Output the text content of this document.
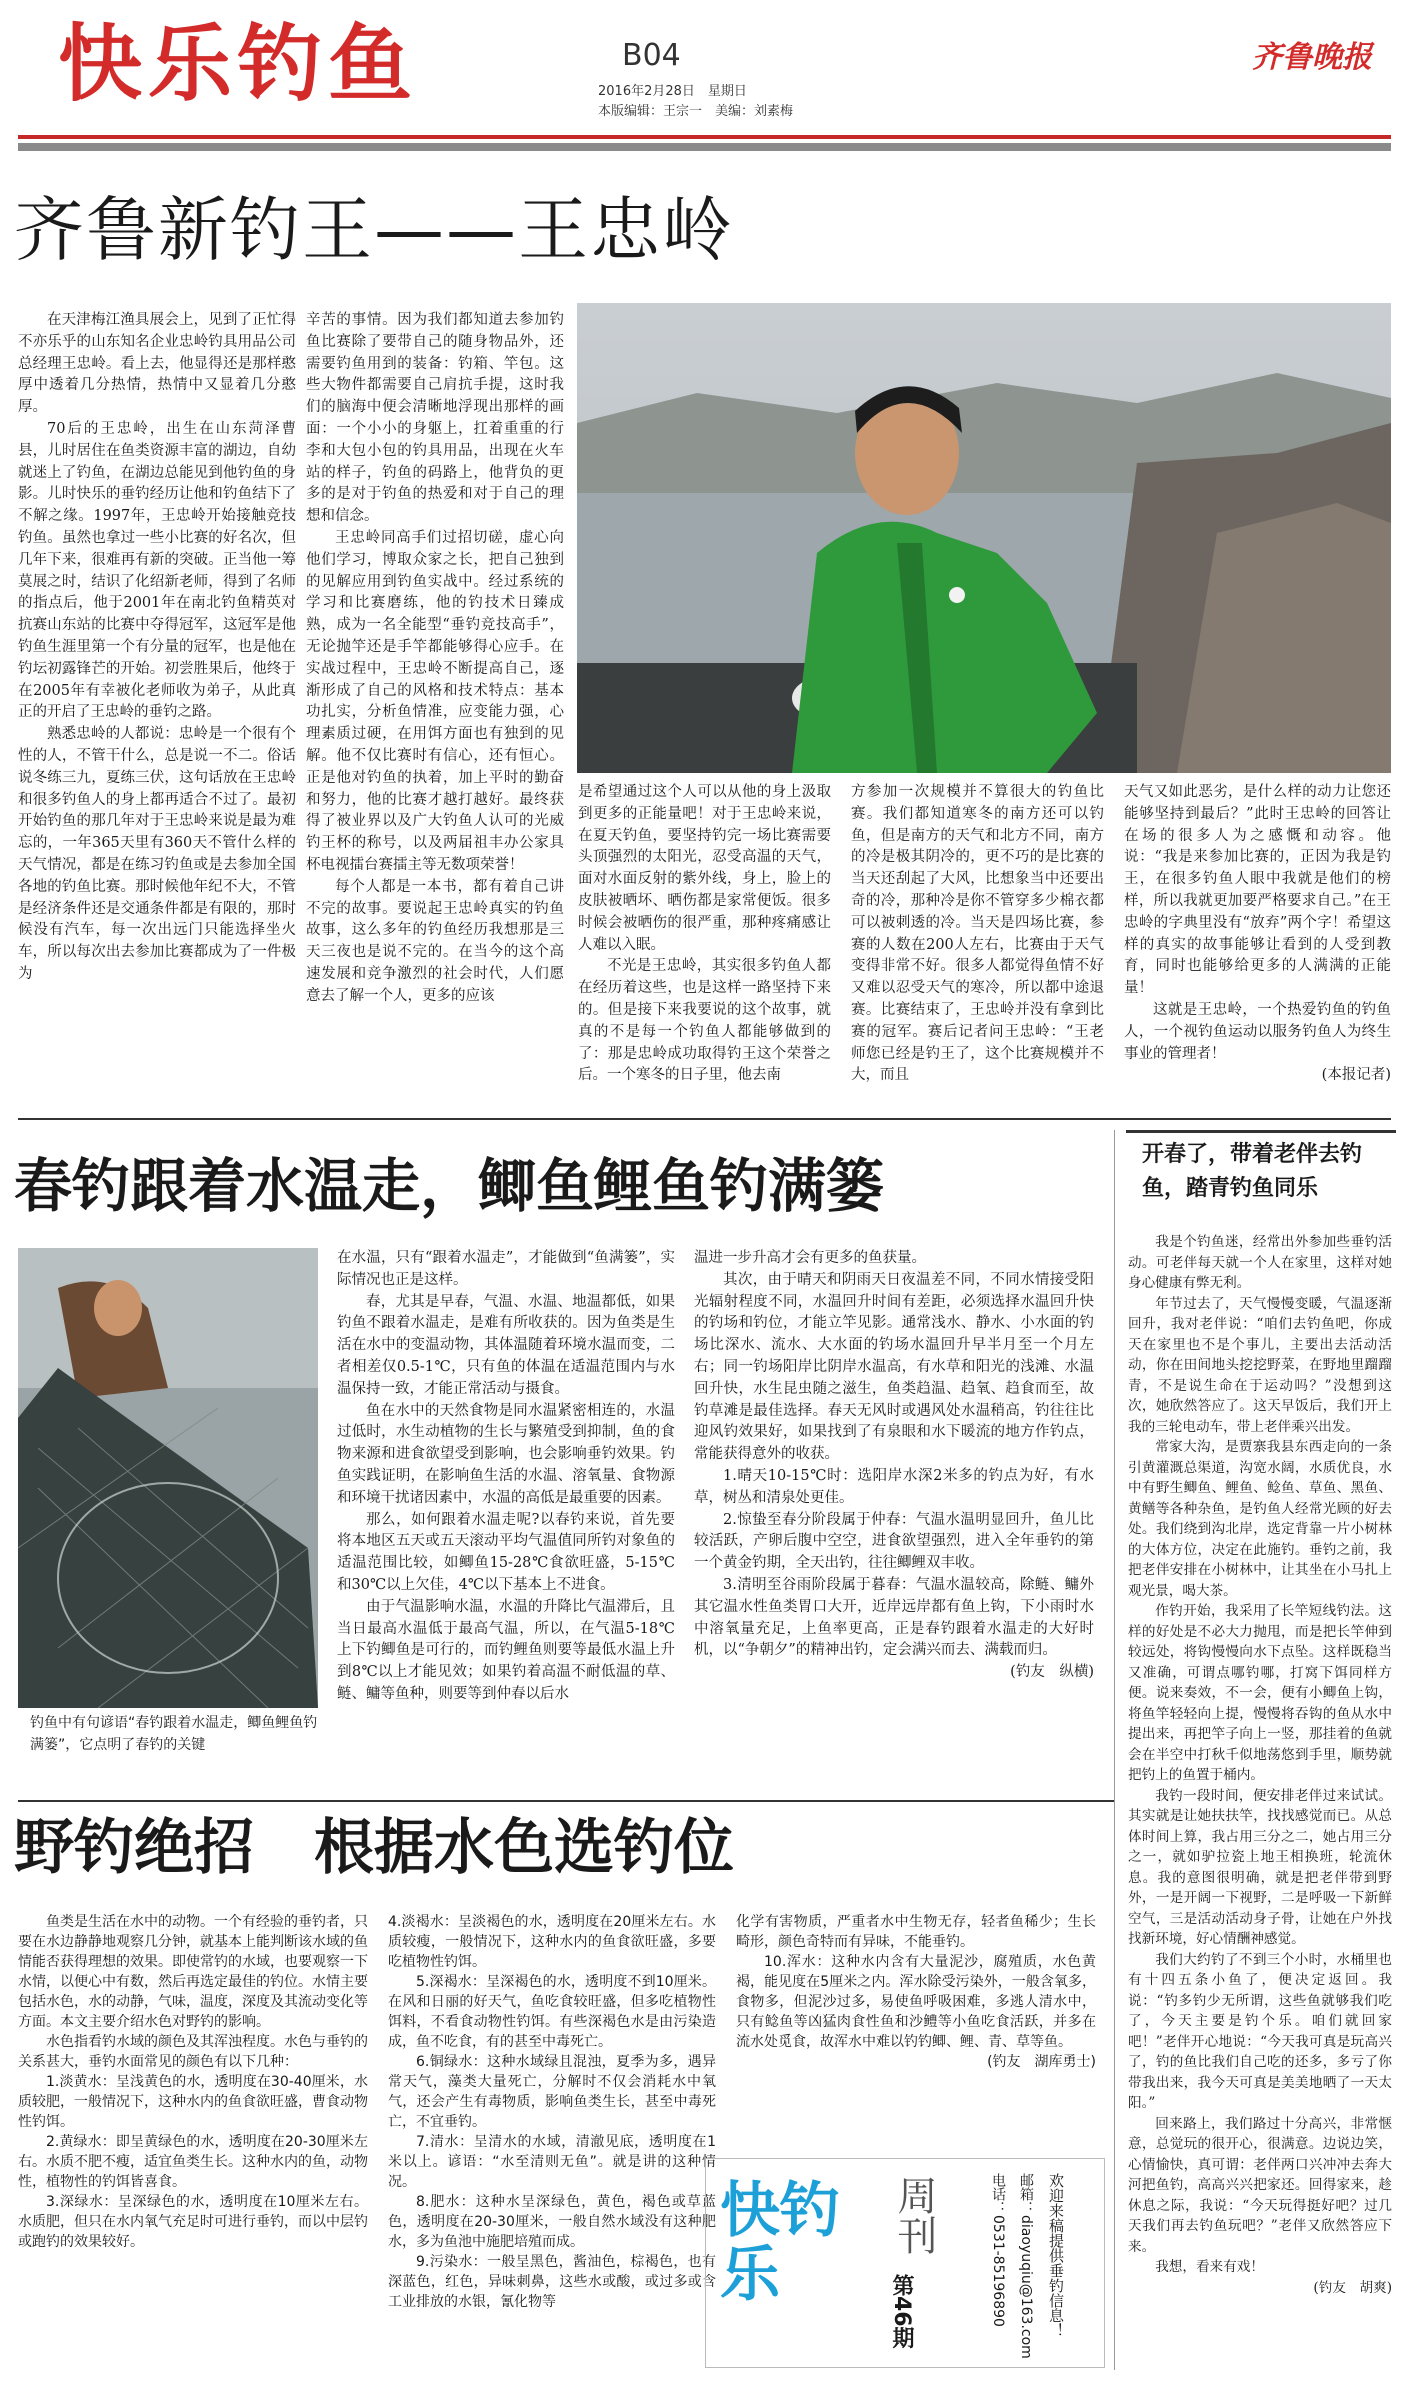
快乐钓鱼	B04
2016年2月28日　星期日
本版编辑：王宗一　美编：刘素梅
齐鲁晚报
齐鲁新钓王——王忠岭

在天津梅江渔具展会上，见到了正忙得不亦乐乎的山东知名企业忠岭钓具用品公司总经理王忠岭。看上去，他显得还是那样憨厚中透着几分热情，热情中又显着几分憨厚。

70后的王忠岭，出生在山东菏泽曹县，儿时居住在鱼类资源丰富的湖边，自幼就迷上了钓鱼，在湖边总能见到他钓鱼的身影。儿时快乐的垂钓经历让他和钓鱼结下了不解之缘。1997年，王忠岭开始接触竞技钓鱼。虽然也拿过一些小比赛的好名次，但几年下来，很难再有新的突破。正当他一筹莫展之时，结识了化绍新老师，得到了名师的指点后，他于2001年在南北钓鱼精英对抗赛山东站的比赛中夺得冠军，这冠军是他钓鱼生涯里第一个有分量的冠军，也是他在钓坛初露锋芒的开始。初尝胜果后，他终于在2005年有幸被化老师收为弟子，从此真正的开启了王忠岭的垂钓之路。

熟悉忠岭的人都说：忠岭是一个很有个性的人，不管干什么，总是说一不二。俗话说冬练三九，夏练三伏，这句话放在王忠岭和很多钓鱼人的身上都再适合不过了。最初开始钓鱼的那几年对于王忠岭来说是最为难忘的，一年365天里有360天不管什么样的天气情况，都是在练习钓鱼或是去参加全国各地的钓鱼比赛。那时候他年纪不大，不管是经济条件还是交通条件都是有限的，那时候没有汽车，每一次出远门只能选择坐火车，所以每次出去参加比赛都成为了一件极为

辛苦的事情。因为我们都知道去参加钓鱼比赛除了要带自己的随身物品外，还需要钓鱼用到的装备：钓箱、竿包。这些大物件都需要自己肩抗手提，这时我们的脑海中便会清晰地浮现出那样的画面：一个小小的身躯上，扛着重重的行李和大包小包的钓具用品，出现在火车站的样子，钓鱼的码路上，他背负的更多的是对于钓鱼的热爱和对于自己的理想和信念。

王忠岭同高手们过招切磋，虚心向他们学习，博取众家之长，把自己独到的见解应用到钓鱼实战中。经过系统的学习和比赛磨练，他的钓技术日臻成熟，成为一名全能型“垂钓竞技高手”，无论抛竿还是手竿都能够得心应手。在实战过程中，王忠岭不断提高自己，逐渐形成了自己的风格和技术特点：基本功扎实，分析鱼情准，应变能力强，心理素质过硬，在用饵方面也有独到的见解。他不仅比赛时有信心，还有恒心。正是他对钓鱼的执着，加上平时的勤奋和努力，他的比赛才越打越好。最终获得了被业界以及广大钓鱼人认可的光威钓王杯的称号，以及两届祖丰办公家具杯电视擂台赛擂主等无数项荣誉！

每个人都是一本书，都有着自己讲不完的故事。要说起王忠岭真实的钓鱼故事，这么多年的钓鱼经历我想那是三天三夜也是说不完的。在当今的这个高速发展和竞争激烈的社会时代，人们愿意去了解一个人，更多的应该

是希望通过这个人可以从他的身上汲取到更多的正能量吧！对于王忠岭来说，在夏天钓鱼，要坚持钓完一场比赛需要头顶强烈的太阳光，忍受高温的天气，面对水面反射的紫外线，身上，脸上的皮肤被晒坏、晒伤都是家常便饭。很多时候会被晒伤的很严重，那种疼痛感让人难以入眠。

不光是王忠岭，其实很多钓鱼人都在经历着这些，也是这样一路坚持下来的。但是接下来我要说的这个故事，就真的不是每一个钓鱼人都能够做到的了：那是忠岭成功取得钓王这个荣誉之后。一个寒冬的日子里，他去南

方参加一次规模并不算很大的钓鱼比赛。我们都知道寒冬的南方还可以钓鱼，但是南方的天气和北方不同，南方的冷是极其阴冷的，更不巧的是比赛的当天还刮起了大风，比想象当中还要出奇的冷，那种冷是你不管穿多少棉衣都可以被刺透的冷。当天是四场比赛，参赛的人数在200人左右，比赛由于天气变得非常不好。很多人都觉得鱼情不好又难以忍受天气的寒冷，所以都中途退赛。比赛结束了，王忠岭并没有拿到比赛的冠军。赛后记者问王忠岭：“王老师您已经是钓王了，这个比赛规模并不大，而且

天气又如此恶劣，是什么样的动力让您还能够坚持到最后？”此时王忠岭的回答让在场的很多人为之感慨和动容。他说：“我是来参加比赛的，正因为我是钓王，在很多钓鱼人眼中我就是他们的榜样，所以我就更加要严格要求自己。”在王忠岭的字典里没有“放弃”两个字！希望这样的真实的故事能够让看到的人受到教育，同时也能够给更多的人满满的正能量！

这就是王忠岭，一个热爱钓鱼的钓鱼人，一个视钓鱼运动以服务钓鱼人为终生事业的管理者！

(本报记者)
春钓跟着水温走，鲫鱼鲤鱼钓满篓
钓鱼中有句谚语“春钓跟着水温走，鲫鱼鲤鱼钓满篓”，它点明了春钓的关键

在水温，只有“跟着水温走”，才能做到“鱼满篓”，实际情况也正是这样。

春，尤其是早春，气温、水温、地温都低，如果钓鱼不跟着水温走，是难有所收获的。因为鱼类是生活在水中的变温动物，其体温随着环境水温而变，二者相差仅0.5-1℃，只有鱼的体温在适温范围内与水温保持一致，才能正常活动与摄食。

鱼在水中的天然食物是同水温紧密相连的，水温过低时，水生动植物的生长与繁殖受到抑制，鱼的食物来源和进食欲望受到影响，也会影响垂钓效果。钓鱼实践证明，在影响鱼生活的水温、溶氧量、食物源和环境干扰诸因素中，水温的高低是最重要的因素。

那么，如何跟着水温走呢?以春钓来说，首先要将本地区五天或五天滚动平均气温值同所钓对象鱼的适温范围比较，如鲫鱼15-28℃食欲旺盛，5-15℃和30℃以上欠佳，4℃以下基本上不进食。

由于气温影响水温，水温的升降比气温滞后，且当日最高水温低于最高气温，所以，在气温5-18℃上下钓鲫鱼是可行的，而钓鲤鱼则要等最低水温上升到8℃以上才能见效；如果钓着高温不耐低温的草、鲢、鳙等鱼种，则要等到仲春以后水

温进一步升高才会有更多的鱼获量。

其次，由于晴天和阴雨天日夜温差不同，不同水情接受阳光辐射程度不同，水温回升时间有差距，必须选择水温回升快的钓场和钓位，才能立竿见影。通常浅水、静水、小水面的钓场比深水、流水、大水面的钓场水温回升早半月至一个月左右；同一钓场阳岸比阴岸水温高，有水草和阳光的浅滩、水温回升快，水生昆虫随之滋生，鱼类趋温、趋氧、趋食而至，故钓草滩是最佳选择。春天无风时或遇风处水温稍高，钓往往比迎风钓效果好，如果找到了有泉眼和水下暖流的地方作钓点，常能获得意外的收获。

1.晴天10-15℃时：选阳岸水深2米多的钓点为好，有水草，树丛和清泉处更佳。

2.惊蛰至春分阶段属于仲春：气温水温明显回升，鱼儿比较活跃，产卵后腹中空空，进食欲望强烈，进入全年垂钓的第一个黄金钓期，全天出钓，往往鲫鲤双丰收。

3.清明至谷雨阶段属于暮春：气温水温较高，除鲢、鳙外其它温水性鱼类胃口大开，近岸远岸都有鱼上钩，下小雨时水中溶氧量充足，上鱼率更高，正是春钓跟着水温走的大好时机，以“争朝夕”的精神出钓，定会满兴而去、满载而归。

(钓友　纵横)
野钓绝招　根据水色选钓位

鱼类是生活在水中的动物。一个有经验的垂钓者，只要在水边静静地观察几分钟，就基本上能判断该水域的鱼情能否获得理想的效果。即使常钓的水域，也要观察一下水情，以便心中有数，然后再选定最佳的钓位。水情主要包括水色，水的动静，气味，温度，深度及其流动变化等方面。本文主要介绍水色对野钓的影响。

水色指看钓水域的颜色及其浑浊程度。水色与垂钓的关系甚大，垂钓水面常见的颜色有以下几种：

1.淡黄水：呈浅黄色的水，透明度在30-40厘米，水质较肥，一般情况下，这种水内的鱼食欲旺盛，曹食动物性钓饵。

2.黄绿水：即呈黄绿色的水，透明度在20-30厘米左右。水质不肥不瘦，适宜鱼类生长。这种水内的鱼，动物性，植物性的钓饵皆喜食。

3.深绿水：呈深绿色的水，透明度在10厘米左右。水质肥，但只在水内氧气充足时可进行垂钓，而以中层钓或跑钓的效果较好。

4.淡褐水：呈淡褐色的水，透明度在20厘米左右。水质较瘦，一般情况下，这种水内的鱼食欲旺盛，多要吃植物性钓饵。

5.深褐水：呈深褐色的水，透明度不到10厘米。在风和日丽的好天气，鱼吃食较旺盛，但多吃植物性饵料，不看食动物性钓饵。有些深褐色水是由污染造成，鱼不吃食，有的甚至中毒死亡。

6.铜绿水：这种水域绿且混浊，夏季为多，遇异常天气，藻类大量死亡，分解时不仅会消耗水中氧气，还会产生有毒物质，影响鱼类生长，甚至中毒死亡，不宜垂钓。

7.清水：呈清水的水域，清澈见底，透明度在1米以上。谚语：“水至清则无鱼”。就是讲的这种情况。

8.肥水：这种水呈深绿色，黄色，褐色或草蓝色，透明度在20-30厘米，一般自然水域没有这种肥水，多为鱼池中施肥培殖而成。

9.污染水：一般呈黑色，酱油色，棕褐色，也有深蓝色，红色，异味刺鼻，这些水或酸，或过多或含工业排放的水银，氰化物等

化学有害物质，严重者水中生物无存，轻者鱼稀少；生长畸形，颜色奇特而有异味，不能垂钓。

10.浑水：这种水内含有大量泥沙，腐殖质，水色黄褐，能见度在5厘米之内。浑水除受污染外，一般含氧多，食物多，但泥沙过多，易使鱼呼吸困难，多逃人清水中，只有鲶鱼等凶猛肉食性鱼和沙鳢等小鱼吃食活跃，并多在流水处觅食，故浑水中难以钓钓鲫、鲤、青、草等鱼。

(钓友　湖库勇士)
快钓乐
周刊
第46期	欢迎来稿提供垂钓信息！
邮箱：diaoyuqiu@163.com
电话：0531-85196890
开春了，带着老伴去钓鱼，踏青钓鱼同乐

我是个钓鱼迷，经常出外参加些垂钓活动。可老伴每天就一个人在家里，这样对她身心健康有弊无利。

年节过去了，天气慢慢变暖，气温逐渐回升，我对老伴说：“咱们去钓鱼吧，你成天在家里也不是个事儿，主要出去活动活动，你在田间地头挖挖野菜，在野地里蹓蹓青，不是说生命在于运动吗？”没想到这次，她欣然答应了。这天早饭后，我们开上我的三轮电动车，带上老伴乘兴出发。

常家大沟，是贾寨我县东西走向的一条引黄灌溉总渠道，沟宽水阔，水质优良，水中有野生鲫鱼、鲤鱼、鲶鱼、草鱼、黑鱼、黄鳝等各种杂鱼，是钓鱼人经常光顾的好去处。我们绕到沟北岸，选定背靠一片小树林的大体方位，决定在此施钓。垂钓之前，我把老伴安排在小树林中，让其坐在小马扎上观光景，喝大茶。

作钓开始，我采用了长竿短线钓法。这样的好处是不必大力抛甩，而是把长竿伸到较远处，将钩慢慢向水下点坠。这样既稳当又准确，可谓点哪钓哪，打窝下饵同样方便。说来奏效，不一会，便有小鲫鱼上钩，将鱼竿轻轻向上提，慢慢将吞钩的鱼从水中提出来，再把竿子向上一竖，那挂着的鱼就会在半空中打秋千似地荡悠到手里，顺势就把钓上的鱼置于桶内。

我钓一段时间，便安排老伴过来试试。其实就是让她扶扶竿，找找感觉而已。从总体时间上算，我占用三分之二，她占用三分之一，就如驴拉瓷上地王相换班，轮流休息。我的意图很明确，就是把老伴带到野外，一是开阔一下视野，二是呼吸一下新鲜空气，三是活动活动身子骨，让她在户外找找新环境，好心情酬神感觉。

我们大约钓了不到三个小时，水桶里也有十四五条小鱼了，便决定返回。我说：“钓多钓少无所谓，这些鱼就够我们吃了，今天主要是钓个乐。咱们就回家吧！”老伴开心地说：“今天我可真是玩高兴了，钓的鱼比我们自己吃的还多，多亏了你带我出来，我今天可真是美美地晒了一天太阳。”

回来路上，我们路过十分高兴，非常惬意，总觉玩的很开心，很满意。边说边笑，心情愉快，真可谓：老伴两口兴冲冲去奔大河把鱼钓，高高兴兴把家还。回得家来，趁休息之际，我说：“今天玩得挺好吧？过几天我们再去钓鱼玩吧？”老伴又欣然答应下来。

我想，看来有戏！

(钓友　胡爽)
